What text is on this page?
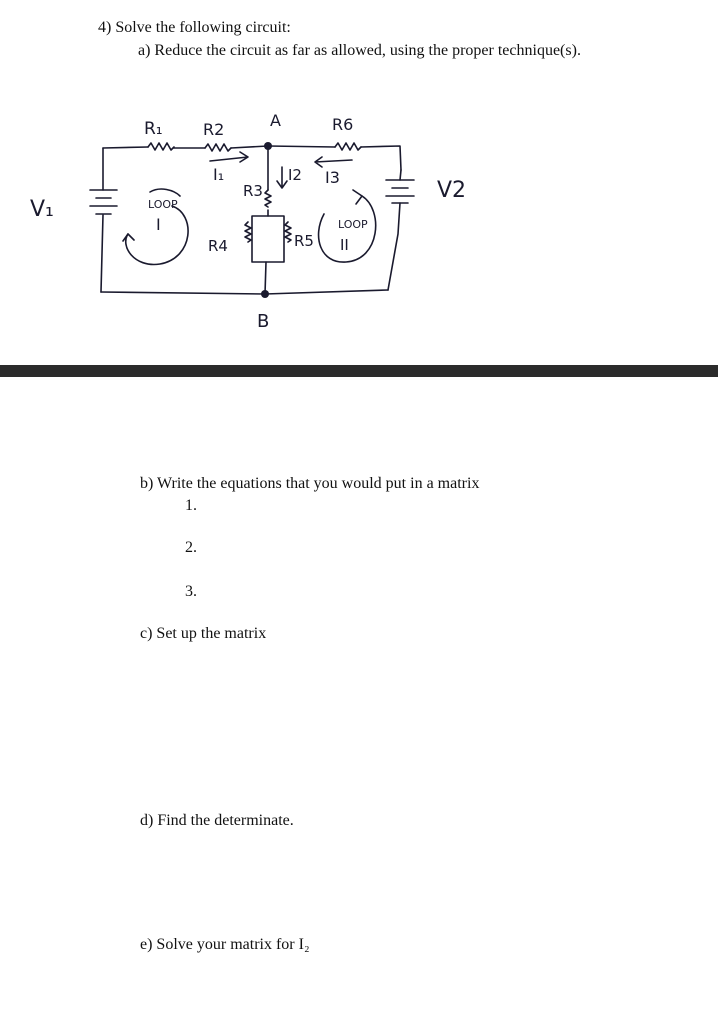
4) Solve the following circuit:
a) Reduce the circuit as far as allowed, using the proper technique(s).
R₁	R2	A	R6
I₁
R3
I2 I3
R4	R5
V₁
V2
LOOP
I	LOOP
II
B
b) Write the equations that you would put in a matrix
1.
2.
3.
c) Set up the matrix
d) Find the determinate.
e) Solve your matrix for I₂
